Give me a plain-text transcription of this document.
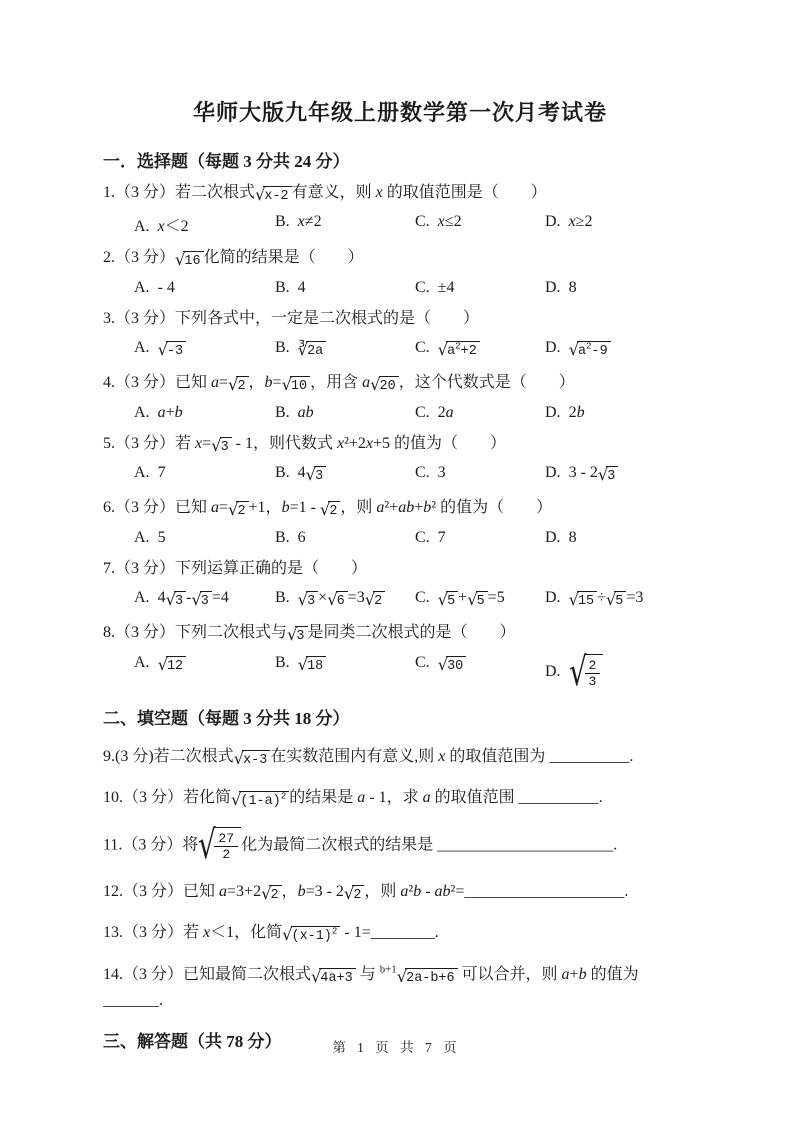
华师大版九年级上册数学第一次月考试卷
一．选择题（每题 3 分共 24 分）
1.（3 分）若二次根式 √ x-2 有意义，则 x 的取值范围是（　　）
A. x＜2	B. x≠2	C. x≤2	D. x≥2
2.（3 分） √ 16 化简的结果是（　　）
A. - 4	B. 4	C. ±4	D. 8
3.（3 分）下列各式中，一定是二次根式的是（　　）
A. √ -3	B. ∛ 2a	C. √ $a^2+2$	D. √ $a^2-9$
4.（3 分）已知 a= √ 2 ，b= √ 10 ，用含 a √ 20 ，这个代数式是（　　）
A. a+b	B. ab	C. 2a	D. 2b
5.（3 分）若 x= √ 3 - 1，则代数式 x²+2x+5 的值为（　　）
A. 7	B. 4 √ 3	C. 3	D. 3 - 2 √ 3
6.（3 分）已知 a= √ 2 +1，b=1 - √ 2 ，则 a²+ab+b² 的值为（　　）
A. 5	B. 6	C. 7	D. 8
7.（3 分）下列运算正确的是（　　）
A. 4 √ 3 - √ 3 =4	B. √ 3 × √ 6 =3 √ 2 C. √ 5 + √ 5 =5	D. √ 15 ÷ √ 5 =3
8.（3 分）下列二次根式与 √ 3 是同类二次根式的是（　　）
A. √ 12	B. √ 18	C. √ 30	D. √
$\frac{2}{3}$
二、填空题（每题 3 分共 18 分）
9.(3 分)若二次根式 √ x-3 在实数范围内有意义,则 x 的取值范围为 __________.
10.（3 分）若化简 √ $(1-a)^2$ 的结果是 a - 1，求 a 的取值范围 __________.
11.（3 分）将 √
$\frac{27}{2}$ 化为最简二次根式的结果是 ______________________.
12.（3 分）已知 a=3+2 √ 2 ，b=3 - 2 √ 2 ，则 a²b - ab²=____________________.
13.（3 分）若 x＜1，化简 √ $(x-1)^2$ - 1=________.
14.（3 分）已知最简二次根式 √ 4a+3 与 $^{b+1}$ √ 2a-b+6 可以合并，则 a+b 的值为 _______.
三、解答题（共 78 分）	第 1 页 共 7 页
